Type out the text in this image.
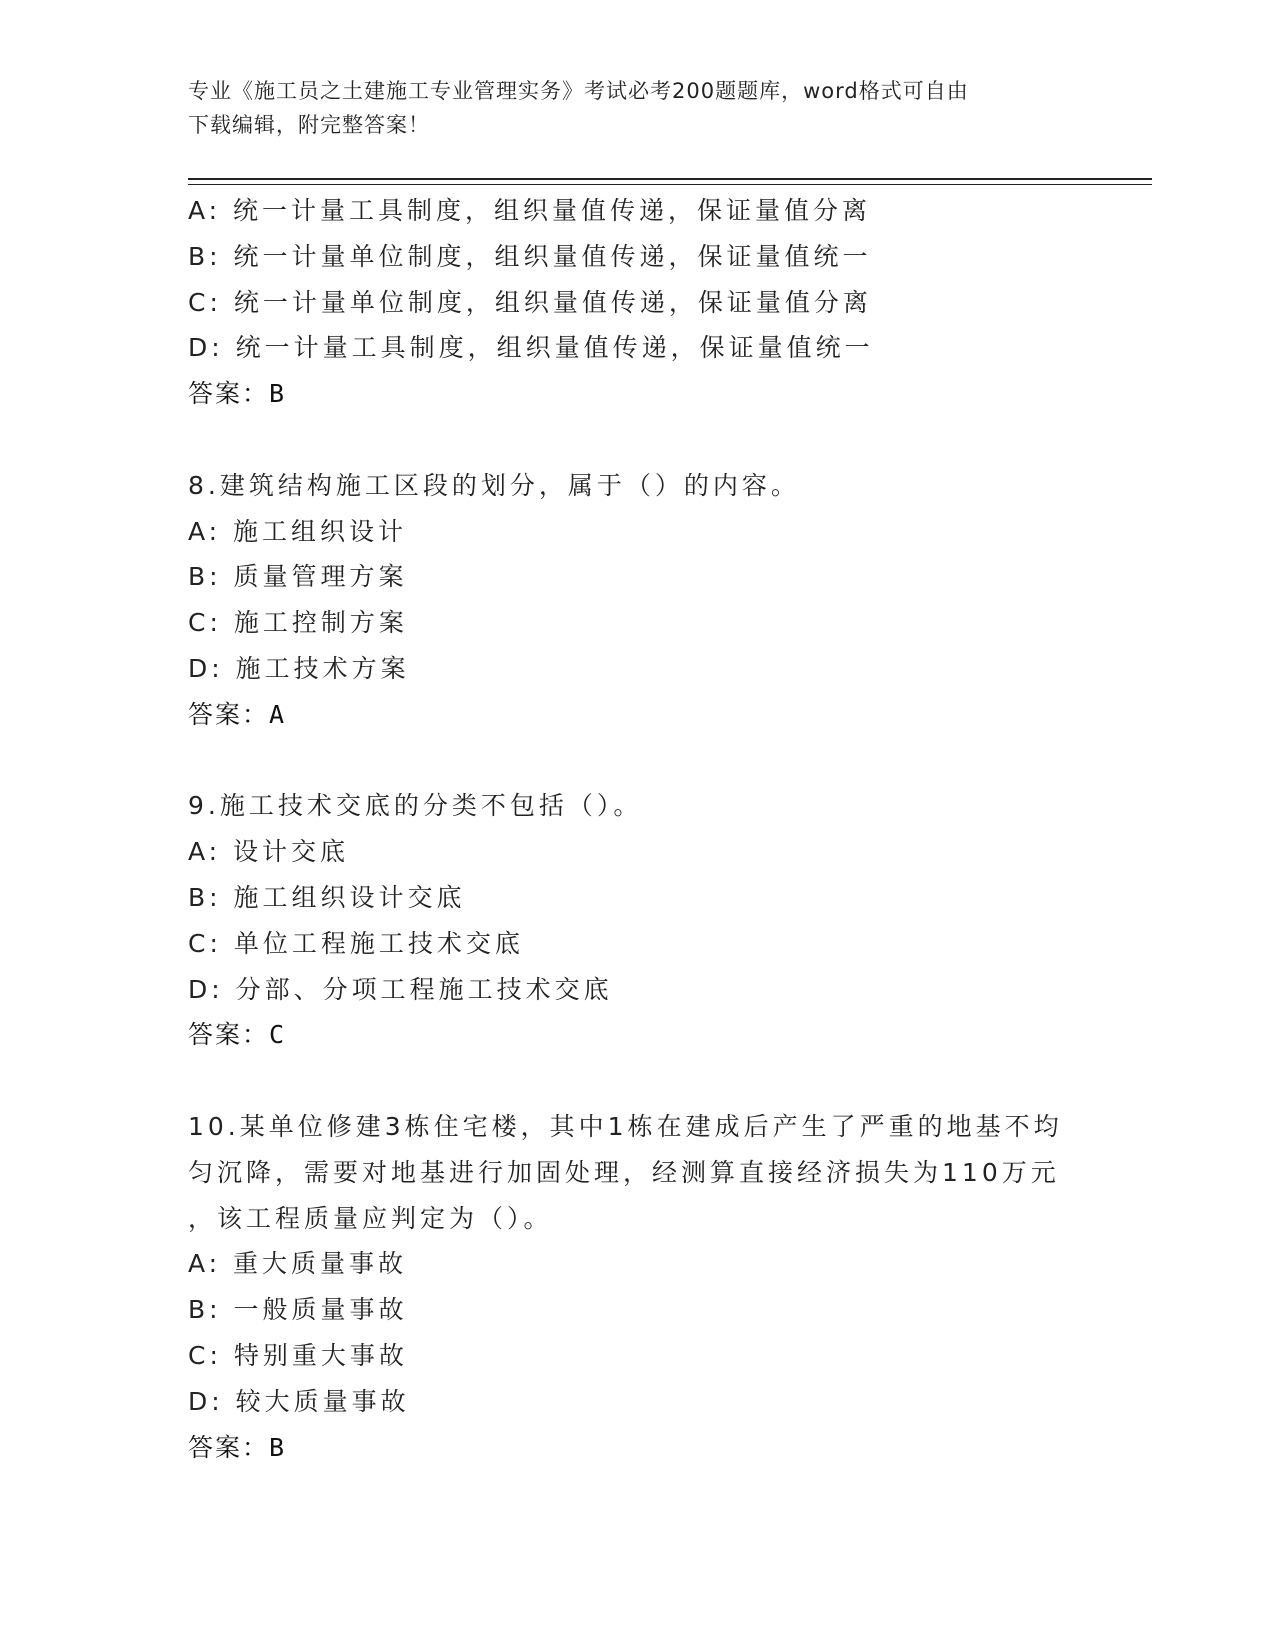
专业《施工员之土建施工专业管理实务》考试必考200题题库，word格式可自由
下载编辑，附完整答案！
A: 统一计量工具制度，组织量值传递，保证量值分离
B: 统一计量单位制度，组织量值传递，保证量值统一
C: 统一计量单位制度，组织量值传递，保证量值分离
D: 统一计量工具制度，组织量值传递，保证量值统一
答案：B
8.建筑结构施工区段的划分，属于（）的内容。
A: 施工组织设计
B: 质量管理方案
C: 施工控制方案
D: 施工技术方案
答案：A
9.施工技术交底的分类不包括（）。
A: 设计交底
B: 施工组织设计交底
C: 单位工程施工技术交底
D: 分部、分项工程施工技术交底
答案：C
10.某单位修建3栋住宅楼，其中1栋在建成后产生了严重的地基不均
匀沉降，需要对地基进行加固处理，经测算直接经济损失为110万元
，该工程质量应判定为（）。
A: 重大质量事故
B: 一般质量事故
C: 特别重大事故
D: 较大质量事故
答案：B
